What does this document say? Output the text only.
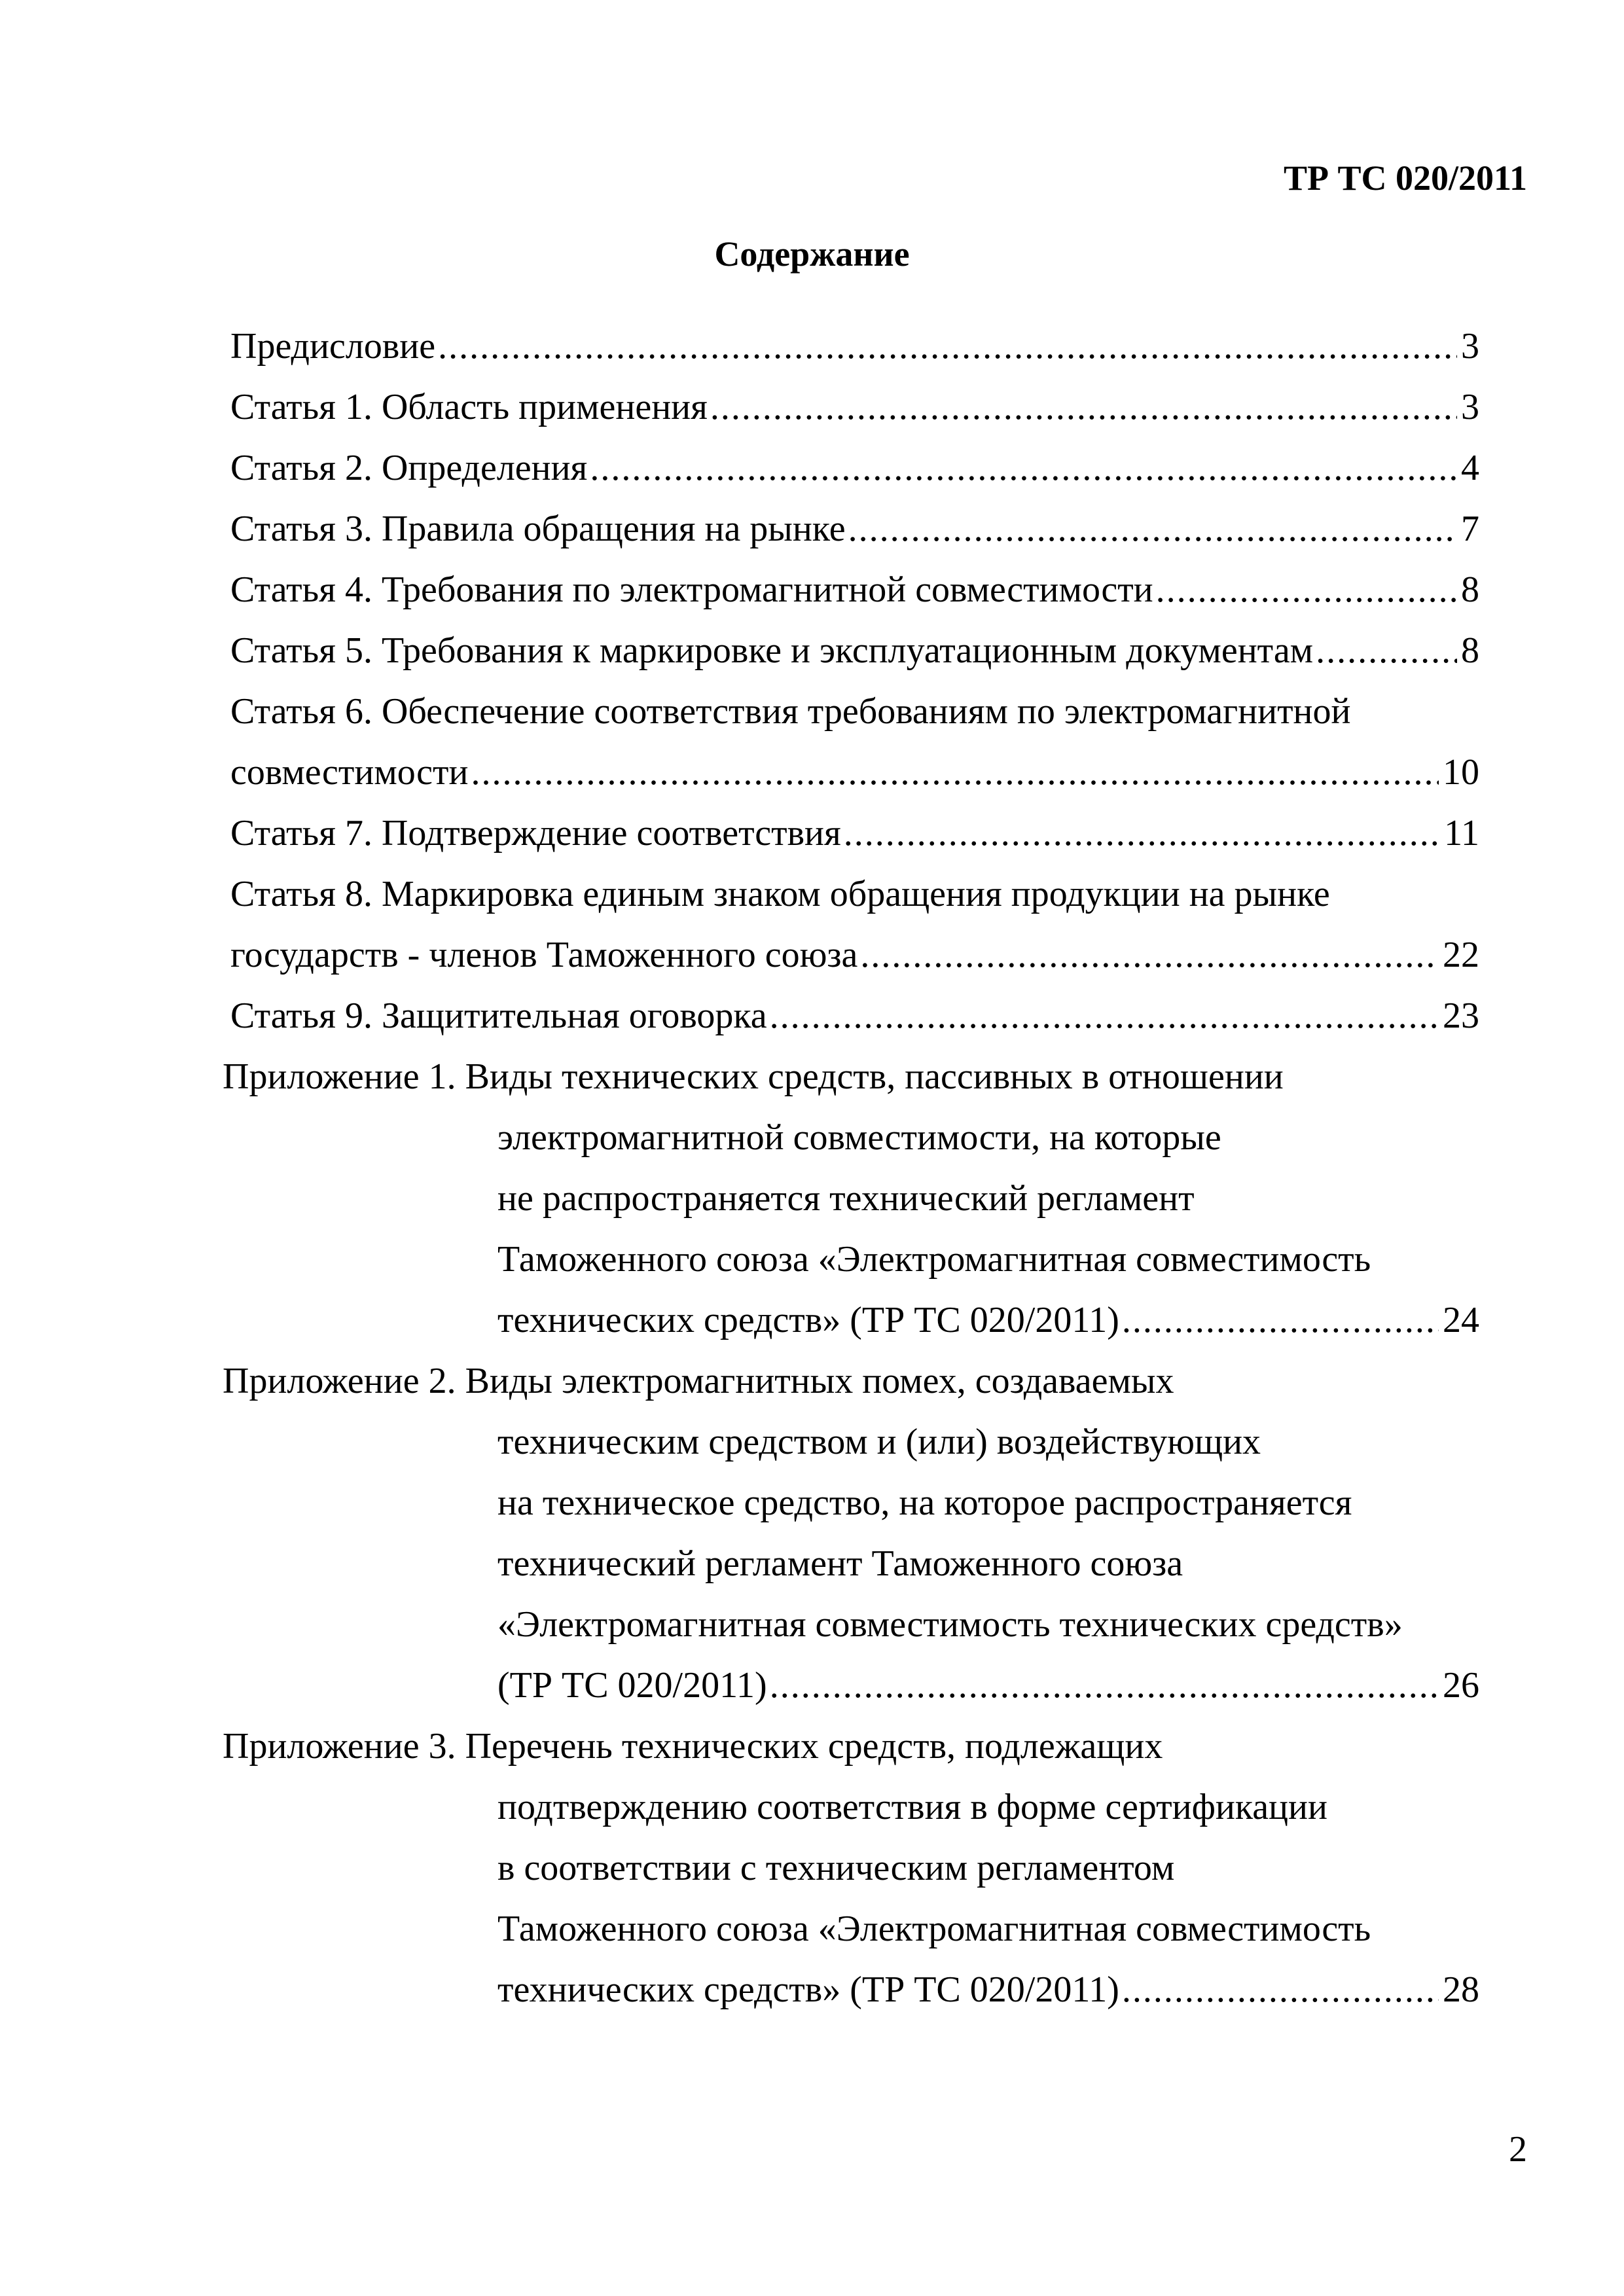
ТР ТС 020/2011
Содержание
Предисловие .....	3
Статья 1. Область применения .....	3
Статья 2. Определения .....	4
Статья 3. Правила обращения на рынке .....	7
Статья 4. Требования по электромагнитной совместимости .....	8
Статья 5. Требования к маркировке и эксплуатационным документам .....	8
Статья 6. Обеспечение соответствия требованиям по электромагнитной
совместимости .....	10
Статья 7. Подтверждение соответствия .....	11
Статья 8. Маркировка единым знаком обращения продукции на рынке
государств - членов Таможенного союза .....	22
Статья 9. Защитительная оговорка .....	23
Приложение 1. Виды технических средств, пассивных в отношении
электромагнитной совместимости, на которые
не распространяется технический регламент
Таможенного союза «Электромагнитная совместимость
технических средств» (ТР ТС 020/2011) .....	24
Приложение 2. Виды электромагнитных помех, создаваемых
техническим средством и (или) воздействующих
на техническое средство, на которое распространяется
технический регламент Таможенного союза
«Электромагнитная совместимость технических средств»
(ТР ТС 020/2011) .....	26
Приложение 3. Перечень технических средств, подлежащих
подтверждению соответствия в форме сертификации
в соответствии с техническим регламентом
Таможенного союза «Электромагнитная совместимость
технических средств» (ТР ТС 020/2011) .....	28
2
